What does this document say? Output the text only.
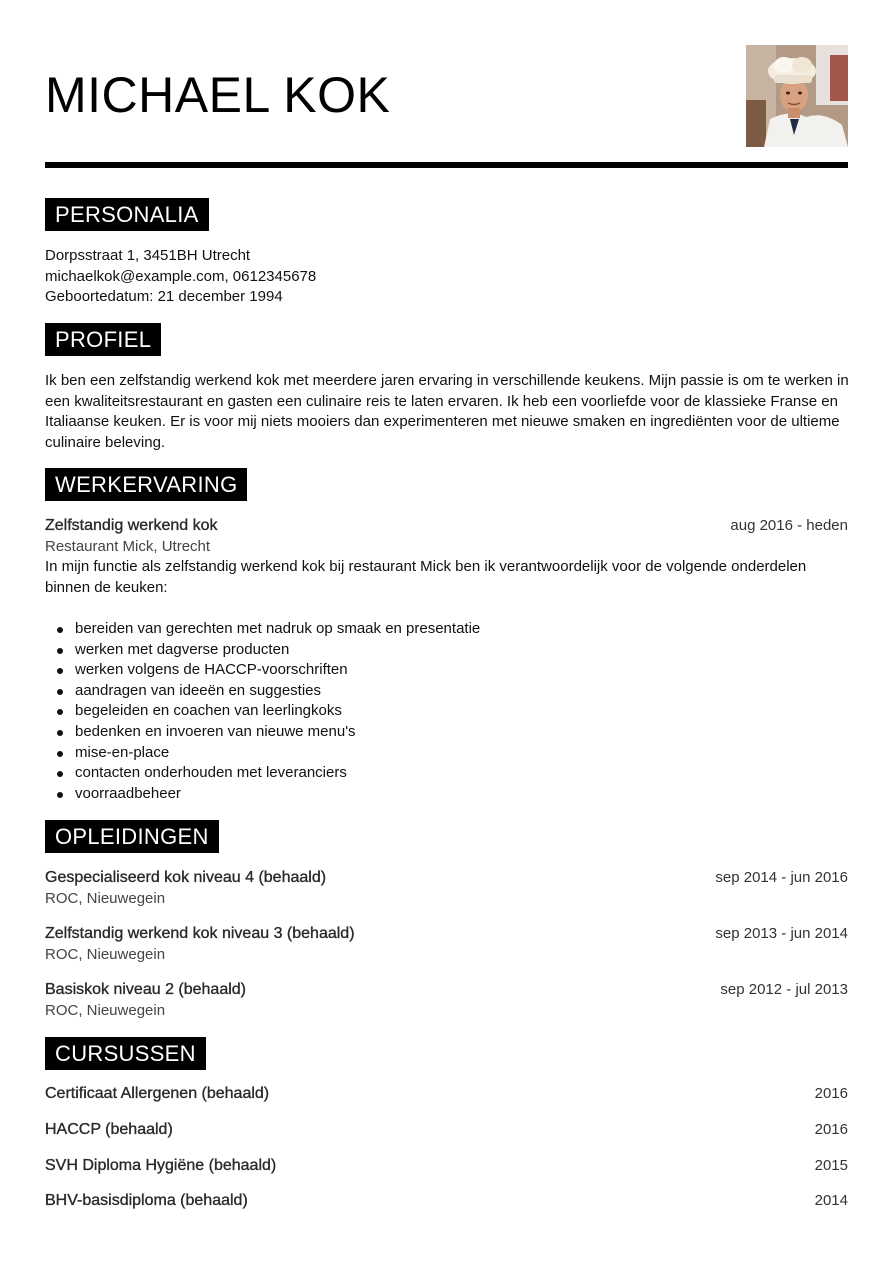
MICHAEL KOK
PERSONALIA
Dorpsstraat 1, 3451BH Utrecht
michaelkok@example.com, 0612345678
Geboortedatum: 21 december 1994
PROFIEL
Ik ben een zelfstandig werkend kok met meerdere jaren ervaring in verschillende keukens. Mijn passie is om te werken in een kwaliteitsrestaurant en gasten een culinaire reis te laten ervaren. Ik heb een voorliefde voor de klassieke Franse en Italiaanse keuken. Er is voor mij niets mooiers dan experimenteren met nieuwe smaken en ingrediënten voor de ultieme culinaire beleving.
WERKERVARING
Zelfstandig werkend kok	aug 2016 - heden
Restaurant Mick, Utrecht
In mijn functie als zelfstandig werkend kok bij restaurant Mick ben ik verantwoordelijk voor de volgende onderdelen binnen de keuken:
bereiden van gerechten met nadruk op smaak en presentatie
werken met dagverse producten
werken volgens de HACCP-voorschriften
aandragen van ideeën en suggesties
begeleiden en coachen van leerlingkoks
bedenken en invoeren van nieuwe menu's
mise-en-place
contacten onderhouden met leveranciers
voorraadbeheer
OPLEIDINGEN
Gespecialiseerd kok niveau 4 (behaald)	sep 2014 - jun 2016
ROC, Nieuwegein
Zelfstandig werkend kok niveau 3 (behaald)	sep 2013 - jun 2014
ROC, Nieuwegein
Basiskok niveau 2 (behaald)	sep 2012 - jul 2013
ROC, Nieuwegein
CURSUSSEN
Certificaat Allergenen (behaald)	2016
HACCP (behaald)	2016
SVH Diploma Hygiëne (behaald)	2015
BHV-basisdiploma (behaald)	2014
